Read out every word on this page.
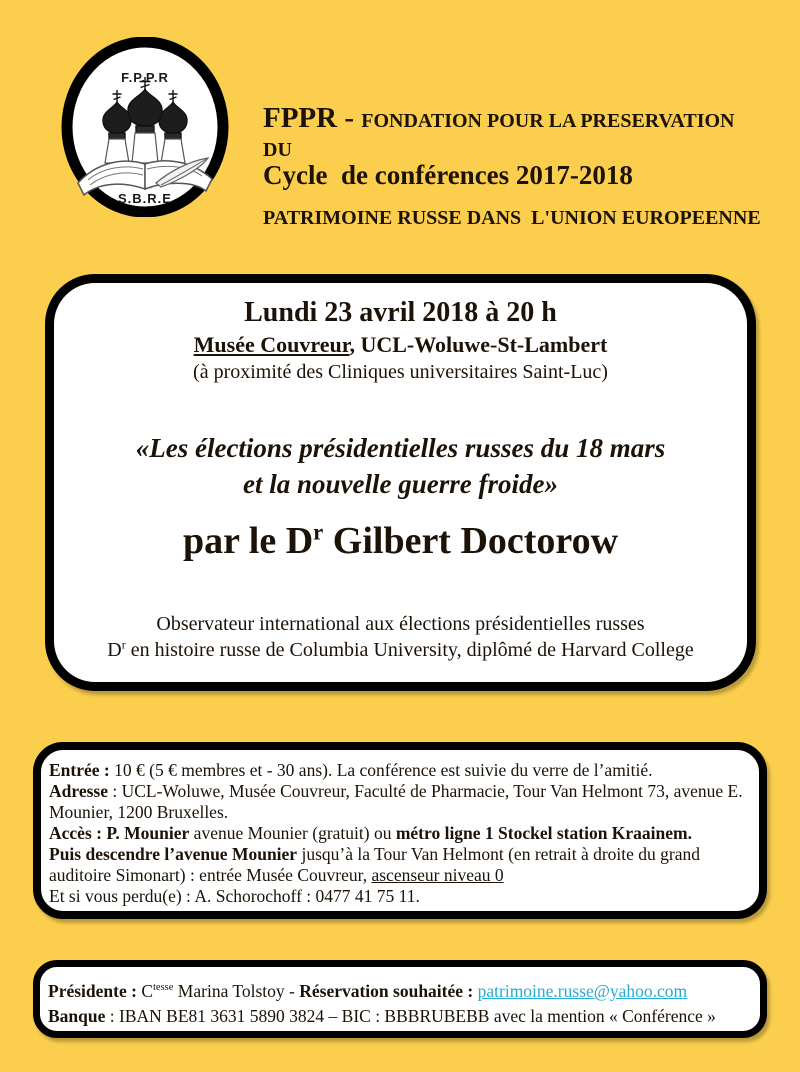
F.P.P.R
S.B.R.E

FPPR - FONDATION POUR LA PRESERVATION DU

PATRIMOINE RUSSE DANS  L'UNION EUROPEENNE

Cycle  de conférences 2017-2018

Lundi 23 avril 2018 à 20 h

Musée Couvreur, UCL-Woluwe-St-Lambert

(à proximité des Cliniques universitaires Saint-Luc)

«Les élections présidentielles russes du 18 mars
et la nouvelle guerre froide»

par le $D^r$ Gilbert Doctorow

Observateur international aux élections présidentielles russes

$D^r$ en histoire russe de Columbia University, diplômé de Harvard College

Entrée : 10 € (5 € membres et - 30 ans). La conférence est suivie du verre de l’amitié.

Adresse : UCL-Woluwe, Musée Couvreur, Faculté de Pharmacie, Tour Van Helmont 73, avenue E. Mounier, 1200 Bruxelles.

Accès : P. Mounier avenue Mounier (gratuit) ou métro ligne 1 Stockel station Kraainem.
Puis descendre l’avenue Mounier jusqu’à la Tour Van Helmont (en retrait à droite du grand auditoire Simonart) : entrée Musée Couvreur, ascenseur niveau 0

Et si vous perdu(e) : A. Schorochoff : 0477 41 75 11.

Présidente : $C^{tesse}$ Marina Tolstoy - Réservation souhaitée : patrimoine.russe@yahoo.com

Banque : IBAN BE81 3631 5890 3824 – BIC : BBBRUBEBB avec la mention « Conférence »
